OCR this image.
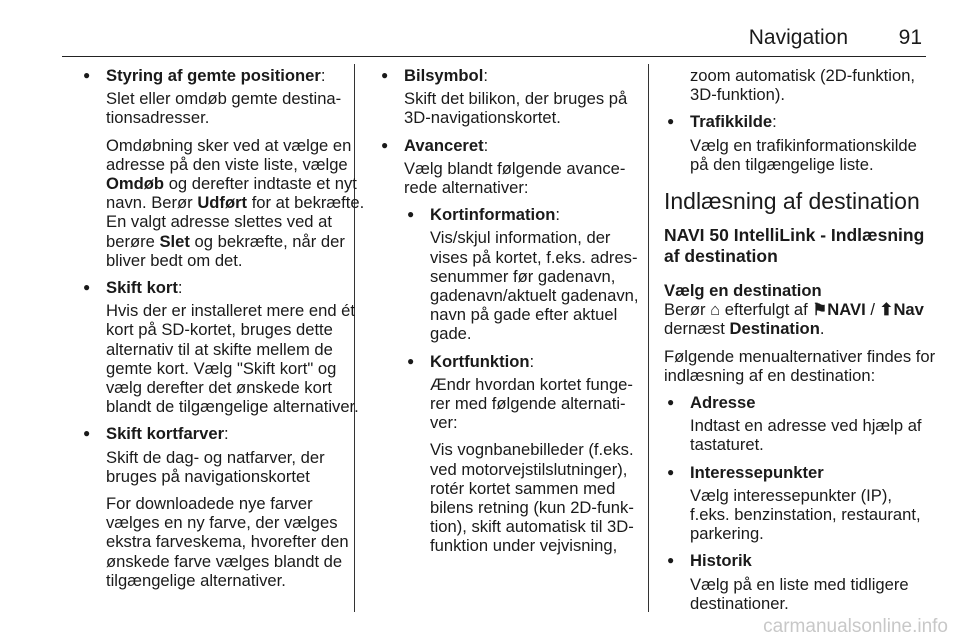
Navigation 91
● Styring af gemte positioner:

Slet eller omdøb gemte destinationsadresser.

Omdøbning sker ved at vælge en adresse på den viste liste, vælge Omdøb og derefter indtaste et nyt navn. Berør Udført for at bekræfte. En valgt adresse slettes ved at berøre Slet og bekræfte, når der bliver bedt om det.

● Skift kort:

Hvis der er installeret mere end ét kort på SD-kortet, bruges dette alternativ til at skifte mellem de gemte kort. Vælg "Skift kort" og vælg derefter det ønskede kort blandt de tilgængelige alternativer.

● Skift kortfarver:

Skift de dag- og natfarver, der bruges på navigationskortet

For downloadede nye farver vælges en ny farve, der vælges ekstra farveskema, hvorefter den ønskede farve vælges blandt de tilgængelige alternativer.

● Bilsymbol:

Skift det bilikon, der bruges på 3D-navigationskortet.

● Avanceret:

Vælg blandt følgende avancerede alternativer:

● Kortinformation:

Vis/skjul information, der vises på kortet, f.eks. adressenummer før gadenavn, gadenavn/aktuelt gadenavn, navn på gade efter aktuel gade.

● Kortfunktion:

Ændr hvordan kortet fungerer med følgende alternativer:

Vis vognbanebilleder (f.eks. ved motorvejstilslutninger), rotér kortet sammen med bilens retning (kun 2D-funktion), skift automatisk til 3D-funktion under vejvisning,

zoom automatisk (2D-funktion, 3D-funktion).

● Trafikkilde:

Vælg en trafikinformationskilde på den tilgængelige liste.

Indlæsning af destination
NAVI 50 IntelliLink - Indlæsning af destination

Vælg en destination

Berør ⌂ efterfulgt af ⚑NAVI / ⬆Nav dernæst Destination.

Følgende menualternativer findes for indlæsning af en destination:

● Adresse

Indtast en adresse ved hjælp af tastaturet.

● Interessepunkter

Vælg interessepunkter (IP), f.eks. benzinstation, restaurant, parkering.

● Historik

Vælg på en liste med tidligere destinationer.

carmanualsonline.info
